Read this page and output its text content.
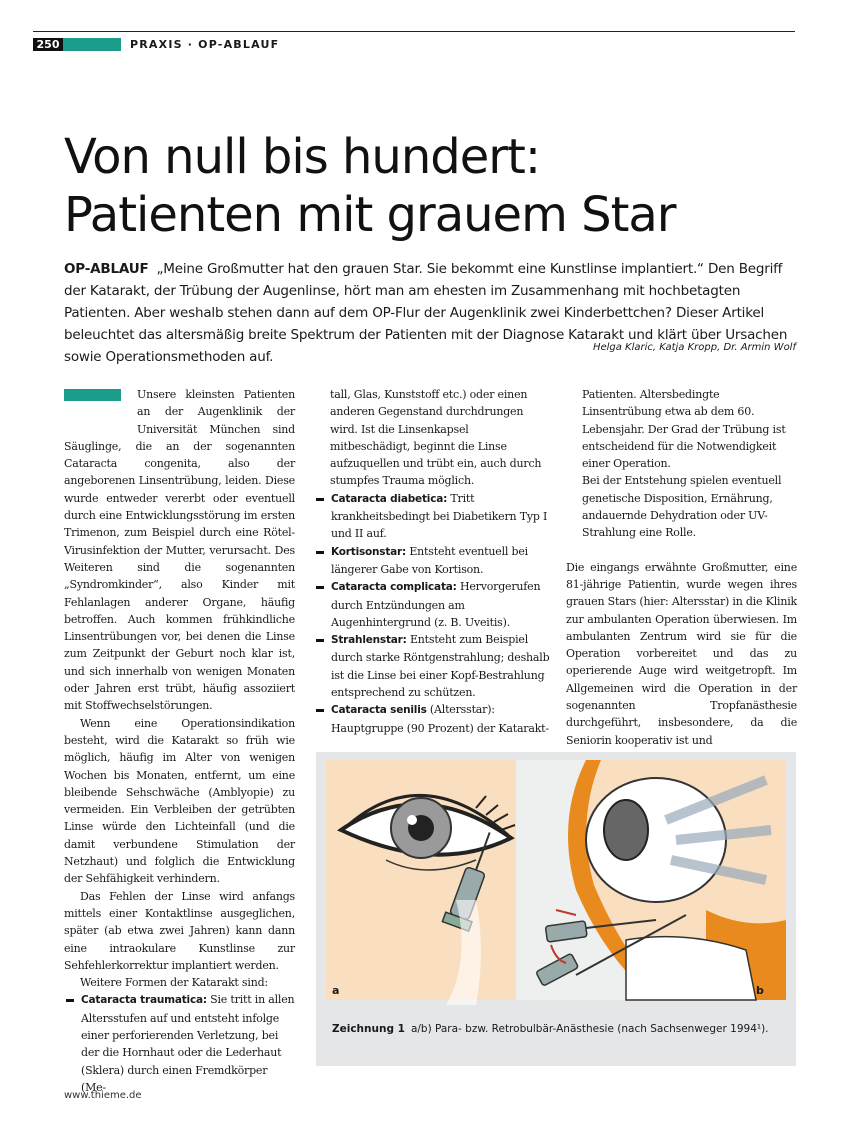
250	PRAXIS · OP-ABLAUF
Von null bis hundert:
Patienten mit grauem Star

OP-ABLAUF „Meine Großmutter hat den grauen Star. Sie bekommt eine Kunstlinse implantiert.“ Den Begriff der Katarakt, der Trübung der Augenlinse, hört man am ehesten im Zusammenhang mit hochbetagten Patienten. Aber weshalb stehen dann auf dem OP-Flur der Augenklinik zwei Kinderbettchen? Dieser Artikel beleuchtet das altersmäßig breite Spektrum der Patienten mit der Diagnose Katarakt und klärt über Ursachen sowie Operationsmethoden auf.

Helga Klaric, Katja Kropp, Dr. Armin Wolf

Unsere kleinsten Patienten an der Augenklinik der Universität München sind Säuglinge, die an der sogenannten Cataracta congenita, also der angeborenen Linsentrübung, leiden. Diese wurde entweder vererbt oder eventuell durch eine Entwicklungsstörung im ersten Trimenon, zum Beispiel durch eine Rötel-Virusinfektion der Mutter, verursacht. Des Weiteren sind die sogenannten „Syndromkinder“, also Kinder mit Fehlanlagen anderer Organe, häufig betroffen. Auch kommen frühkindliche Linsentrübungen vor, bei denen die Linse zum Zeitpunkt der Geburt noch klar ist, und sich innerhalb von wenigen Monaten oder Jahren erst trübt, häufig assoziiert mit Stoffwechselstörungen.

Wenn eine Operationsindikation besteht, wird die Katarakt so früh wie möglich, häufig im Alter von wenigen Wochen bis Monaten, entfernt, um eine bleibende Sehschwäche (Amblyopie) zu vermeiden. Ein Verbleiben der getrübten Linse würde den Lichteinfall (und die damit verbundene Stimulation der Netzhaut) und folglich die Entwicklung der Sehfähigkeit verhindern.

Das Fehlen der Linse wird anfangs mittels einer Kontaktlinse ausgeglichen, später (ab etwa zwei Jahren) kann dann eine intraokulare Kunstlinse zur Sehfehlerkorrektur implantiert werden.

Weitere Formen der Katarakt sind:

Cataracta traumatica: Sie tritt in allen Altersstufen auf und entsteht infolge einer perforierenden Verletzung, bei der die Hornhaut oder die Lederhaut (Sklera) durch einen Fremdkörper (Me-

tall, Glas, Kunststoff etc.) oder einen anderen Gegenstand durchdrungen wird. Ist die Linsenkapsel mitbeschädigt, beginnt die Linse aufzuquellen und trübt ein, auch durch stumpfes Trauma möglich.

Cataracta diabetica: Tritt krankheitsbedingt bei Diabetikern Typ I und II auf.
Kortisonstar: Entsteht eventuell bei längerer Gabe von Kortison.
Cataracta complicata: Hervorgerufen durch Entzündungen am Augenhintergrund (z. B. Uveitis).
Strahlenstar: Entsteht zum Beispiel durch starke Röntgenstrahlung; deshalb ist die Linse bei einer Kopf-Bestrahlung entsprechend zu schützen.
Cataracta senilis (Altersstar): Hauptgruppe (90 Prozent) der Katarakt-

Patienten. Altersbedingte Linsentrübung etwa ab dem 60. Lebensjahr. Der Grad der Trübung ist entscheidend für die Notwendigkeit einer Operation.

Bei der Entstehung spielen eventuell genetische Disposition, Ernährung, andauernde Dehydration oder UV-Strahlung eine Rolle.

Die eingangs erwähnte Großmutter, eine 81-jährige Patientin, wurde wegen ihres grauen Stars (hier: Altersstar) in die Klinik zur ambulanten Operation überwiesen. Im ambulanten Zentrum wird sie für die Operation vorbereitet und das zu operierende Auge wird weitgetropft. Im Allgemeinen wird die Operation in der sogenannten Tropfanästhesie durchgeführt, insbesondere, da die Seniorin kooperativ ist und

a	b
Zeichnung 1 a/b) Para- bzw. Retrobulbär-Anästhesie (nach Sachsenweger 1994¹).
www.thieme.de
